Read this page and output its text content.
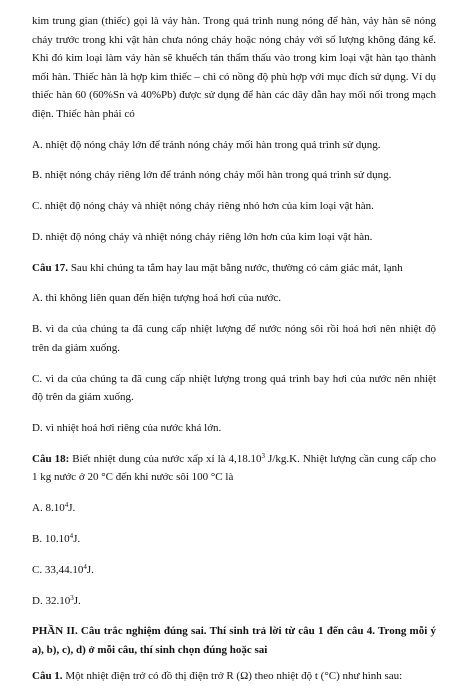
kim trung gian (thiếc) gọi là vảy hàn. Trong quá trình nung nóng để hàn, vảy hàn sẽ nóng chảy trước trong khi vật hàn chưa nóng chảy hoặc nóng chảy với số lượng không đáng kể. Khi đó kim loại làm vảy hàn sẽ khuếch tán thẩm thấu vào trong kim loại vật hàn tạo thành mối hàn. Thiếc hàn là hợp kim thiếc – chì có nồng độ phù hợp với mục đích sử dụng. Ví dụ thiếc hàn 60 (60%Sn và 40%Pb) được sử dụng để hàn các dây dẫn hay mối nối trong mạch điện. Thiếc hàn phải có

A. nhiệt độ nóng chảy lớn để tránh nóng chảy mối hàn trong quá trình sử dụng.

B. nhiệt nóng chảy riêng lớn để tránh nóng chảy mối hàn trong quá trình sử dụng.

C. nhiệt độ nóng chảy và nhiệt nóng chảy riêng nhỏ hơn của kim loại vật hàn.

D. nhiệt độ nóng chảy và nhiệt nóng chảy riêng lớn hơn của kim loại vật hàn.

Câu 17. Sau khi chúng ta tắm hay lau mặt bằng nước, thường có cảm giác mát, lạnh

A. thì không liên quan đến hiện tượng hoá hơi của nước.

B. vì da của chúng ta đã cung cấp nhiệt lượng để nước nóng sôi rồi hoá hơi nên nhiệt độ trên da giảm xuống.

C. vì da của chúng ta đã cung cấp nhiệt lượng trong quá trình bay hơi của nước nên nhiệt độ trên da giảm xuống.

D. vì nhiệt hoá hơi riêng của nước khá lớn.

Câu 18: Biết nhiệt dung của nước xấp xỉ là 4,18.10$^3$ J/kg.K. Nhiệt lượng cần cung cấp cho 1 kg nước ở 20 °C đến khi nước sôi 100 °C là

A. 8.10$^4$J.

B. 10.10$^4$J.

C. 33,44.10$^4$J.

D. 32.10$^3$J.

PHẦN II. Câu trắc nghiệm đúng sai. Thí sinh trả lời từ câu 1 đến câu 4. Trong mỗi ý a), b), c), d) ở mỗi câu, thí sinh chọn đúng hoặc sai

Câu 1. Một nhiệt điện trở có đồ thị điện trở R (Ω) theo nhiệt độ t (°C) như hình sau:
